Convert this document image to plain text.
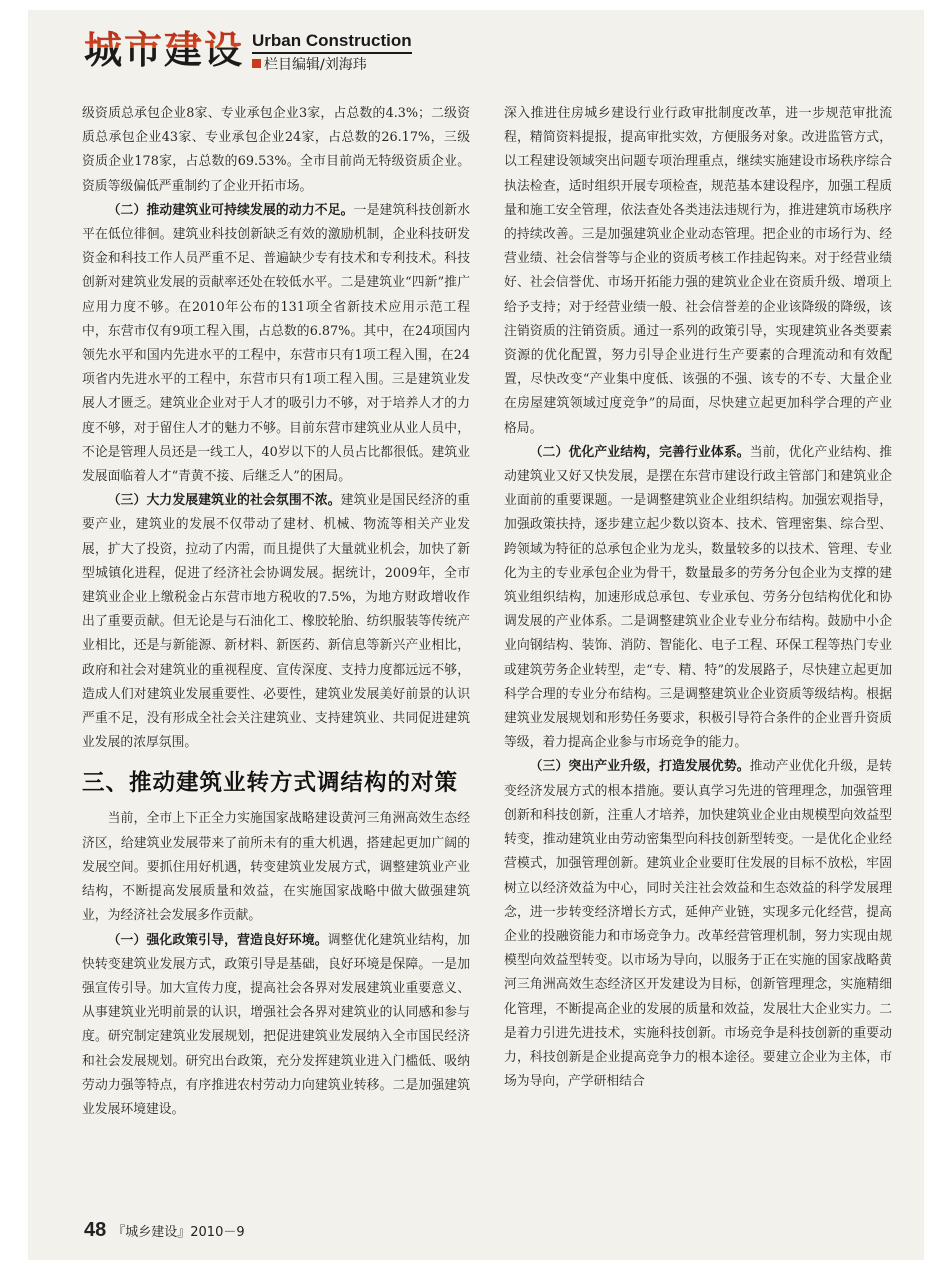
城市建设 Urban Construction
栏目编辑/刘海玮

级资质总承包企业8家、专业承包企业3家，占总数的4.3%；二级资质总承包企业43家、专业承包企业24家，占总数的26.17%，三级资质企业178家，占总数的69.53%。全市目前尚无特级资质企业。资质等级偏低严重制约了企业开拓市场。

（二）推动建筑业可持续发展的动力不足。一是建筑科技创新水平在低位徘徊。建筑业科技创新缺乏有效的激励机制，企业科技研发资金和科技工作人员严重不足、普遍缺少专有技术和专利技术。科技创新对建筑业发展的贡献率还处在较低水平。二是建筑业“四新”推广应用力度不够。在2010年公布的131项全省新技术应用示范工程中，东营市仅有9项工程入围，占总数的6.87%。其中，在24项国内领先水平和国内先进水平的工程中，东营市只有1项工程入围，在24项省内先进水平的工程中，东营市只有1项工程入围。三是建筑业发展人才匮乏。建筑业企业对于人才的吸引力不够，对于培养人才的力度不够，对于留住人才的魅力不够。目前东营市建筑业从业人员中，不论是管理人员还是一线工人，40岁以下的人员占比都很低。建筑业发展面临着人才“青黄不接、后继乏人”的困局。

（三）大力发展建筑业的社会氛围不浓。建筑业是国民经济的重要产业，建筑业的发展不仅带动了建材、机械、物流等相关产业发展，扩大了投资，拉动了内需，而且提供了大量就业机会，加快了新型城镇化进程，促进了经济社会协调发展。据统计，2009年，全市建筑业企业上缴税金占东营市地方税收的7.5%，为地方财政增收作出了重要贡献。但无论是与石油化工、橡胶轮胎、纺织服装等传统产业相比，还是与新能源、新材料、新医药、新信息等新兴产业相比，政府和社会对建筑业的重视程度、宣传深度、支持力度都远远不够，造成人们对建筑业发展重要性、必要性，建筑业发展美好前景的认识严重不足，没有形成全社会关注建筑业、支持建筑业、共同促进建筑业发展的浓厚氛围。

三、推动建筑业转方式调结构的对策

当前，全市上下正全力实施国家战略建设黄河三角洲高效生态经济区，给建筑业发展带来了前所未有的重大机遇，搭建起更加广阔的发展空间。要抓住用好机遇，转变建筑业发展方式，调整建筑业产业结构，不断提高发展质量和效益，在实施国家战略中做大做强建筑业，为经济社会发展多作贡献。

（一）强化政策引导，营造良好环境。调整优化建筑业结构，加快转变建筑业发展方式，政策引导是基础，良好环境是保障。一是加强宣传引导。加大宣传力度，提高社会各界对发展建筑业重要意义、从事建筑业光明前景的认识，增强社会各界对建筑业的认同感和参与度。研究制定建筑业发展规划，把促进建筑业发展纳入全市国民经济和社会发展规划。研究出台政策，充分发挥建筑业进入门槛低、吸纳劳动力强等特点，有序推进农村劳动力向建筑业转移。二是加强建筑业发展环境建设。

深入推进住房城乡建设行业行政审批制度改革，进一步规范审批流程，精简资料提报，提高审批实效，方便服务对象。改进监管方式，以工程建设领域突出问题专项治理重点，继续实施建设市场秩序综合执法检查，适时组织开展专项检查，规范基本建设程序，加强工程质量和施工安全管理，依法查处各类违法违规行为，推进建筑市场秩序的持续改善。三是加强建筑业企业动态管理。把企业的市场行为、经营业绩、社会信誉等与企业的资质考核工作挂起钩来。对于经营业绩好、社会信誉优、市场开拓能力强的建筑业企业在资质升级、增项上给予支持；对于经营业绩一般、社会信誉差的企业该降级的降级，该注销资质的注销资质。通过一系列的政策引导，实现建筑业各类要素资源的优化配置，努力引导企业进行生产要素的合理流动和有效配置，尽快改变“产业集中度低、该强的不强、该专的不专、大量企业在房屋建筑领域过度竞争”的局面，尽快建立起更加科学合理的产业格局。

（二）优化产业结构，完善行业体系。当前，优化产业结构、推动建筑业又好又快发展，是摆在东营市建设行政主管部门和建筑业企业面前的重要课题。一是调整建筑业企业组织结构。加强宏观指导，加强政策扶持，逐步建立起少数以资本、技术、管理密集、综合型、跨领域为特征的总承包企业为龙头，数量较多的以技术、管理、专业化为主的专业承包企业为骨干，数量最多的劳务分包企业为支撑的建筑业组织结构，加速形成总承包、专业承包、劳务分包结构优化和协调发展的产业体系。二是调整建筑业企业专业分布结构。鼓励中小企业向钢结构、装饰、消防、智能化、电子工程、环保工程等热门专业或建筑劳务企业转型，走“专、精、特”的发展路子，尽快建立起更加科学合理的专业分布结构。三是调整建筑业企业资质等级结构。根据建筑业发展规划和形势任务要求，积极引导符合条件的企业晋升资质等级，着力提高企业参与市场竞争的能力。

（三）突出产业升级，打造发展优势。推动产业优化升级，是转变经济发展方式的根本措施。要认真学习先进的管理理念，加强管理创新和科技创新，注重人才培养，加快建筑业企业由规模型向效益型转变，推动建筑业由劳动密集型向科技创新型转变。一是优化企业经营模式，加强管理创新。建筑业企业要盯住发展的目标不放松，牢固树立以经济效益为中心，同时关注社会效益和生态效益的科学发展理念，进一步转变经济增长方式，延伸产业链，实现多元化经营，提高企业的投融资能力和市场竞争力。改革经营管理机制，努力实现由规模型向效益型转变。以市场为导向，以服务于正在实施的国家战略黄河三角洲高效生态经济区开发建设为目标，创新管理理念，实施精细化管理，不断提高企业的发展的质量和效益，发展壮大企业实力。二是着力引进先进技术，实施科技创新。市场竞争是科技创新的重要动力，科技创新是企业提高竞争力的根本途径。要建立企业为主体，市场为导向，产学研相结合

48 『城乡建设』2010－9
